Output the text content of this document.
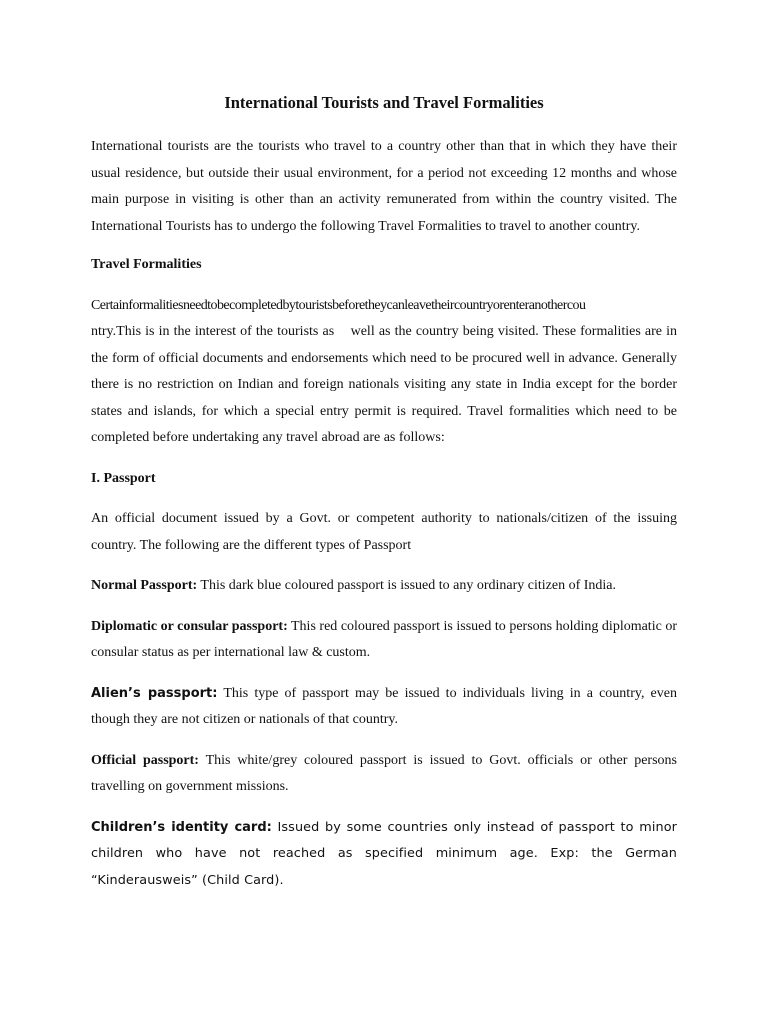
International Tourists and Travel Formalities

International tourists are the tourists who travel to a country other than that in which they have their usual residence, but outside their usual environment, for a period not exceeding 12 months and whose main purpose in visiting is other than an activity remunerated from within the country visited. The International Tourists has to undergo the following Travel Formalities to travel to another country.

Travel Formalities

Certainformalitiesneedtobecompletedbytouristsbeforetheycanleavetheircountryorenteranothercou
ntry.This is in the interest of the tourists as well as the country being visited. These formalities are in the form of official documents and endorsements which need to be procured well in advance. Generally there is no restriction on Indian and foreign nationals visiting any state in India except for the border states and islands, for which a special entry permit is required. Travel formalities which need to be completed before undertaking any travel abroad are as follows:

I. Passport

An official document issued by a Govt. or competent authority to nationals/citizen of the issuing country. The following are the different types of Passport

Normal Passport: This dark blue coloured passport is issued to any ordinary citizen of India.

Diplomatic or consular passport: This red coloured passport is issued to persons holding diplomatic or consular status as per international law & custom.

Alien’s passport: This type of passport may be issued to individuals living in a country, even though they are not citizen or nationals of that country.

Official passport: This white/grey coloured passport is issued to Govt. officials or other persons travelling on government missions.

Children’s identity card: Issued by some countries only instead of passport to minor children who have not reached as specified minimum age. Exp: the German “Kinderausweis” (Child Card).
